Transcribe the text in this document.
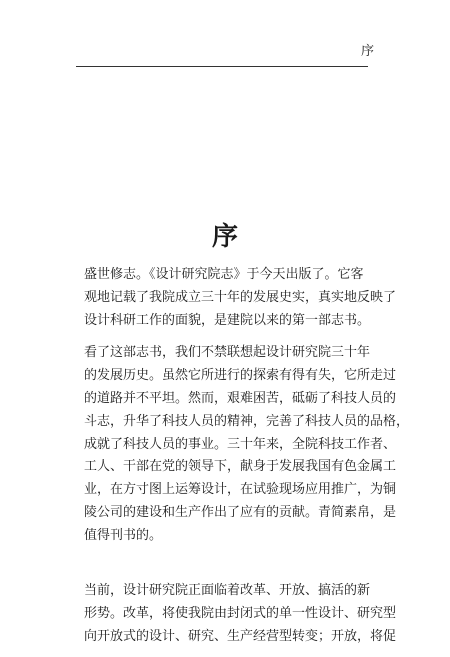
序
序
盛世修志。《设计研究院志》于今天出版了。它客
观地记载了我院成立三十年的发展史实，真实地反映了
设计科研工作的面貌，是建院以来的第一部志书。
看了这部志书，我们不禁联想起设计研究院三十年
的发展历史。虽然它所进行的探索有得有失，它所走过
的道路并不平坦。然而，艰难困苦，砥砺了科技人员的
斗志，升华了科技人员的精神，完善了科技人员的品格，
成就了科技人员的事业。三十年来，全院科技工作者、
工人、干部在党的领导下，献身于发展我国有色金属工
业，在方寸图上运筹设计，在试验现场应用推广，为铜
陵公司的建设和生产作出了应有的贡献。青简素帛，是
值得刊书的。
当前，设计研究院正面临着改革、开放、搞活的新
形势。改革，将使我院由封闭式的单一性设计、研究型
向开放式的设计、研究、生产经营型转变；开放，将促
